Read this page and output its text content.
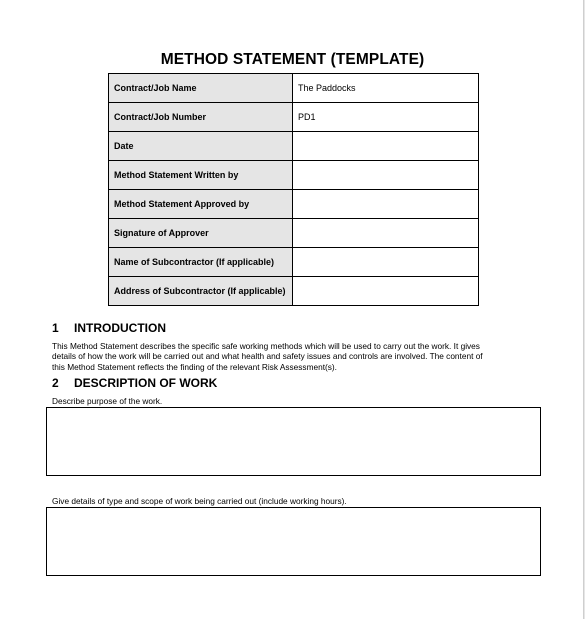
METHOD STATEMENT (TEMPLATE)
Contract/Job Name	The Paddocks
Contract/Job Number	PD1
Date	
Method Statement Written by	
Method Statement Approved by	
Signature of Approver	
Name of Subcontractor (If applicable)	
Address of Subcontractor (If applicable)	
1 INTRODUCTION
This Method Statement describes the specific safe working methods which will be used to carry out the work. It gives
details of how the work will be carried out and what health and safety issues and controls are involved. The content of
this Method Statement reflects the finding of the relevant Risk Assessment(s).
2 DESCRIPTION OF WORK
Describe purpose of the work.
Give details of type and scope of work being carried out (include working hours).
